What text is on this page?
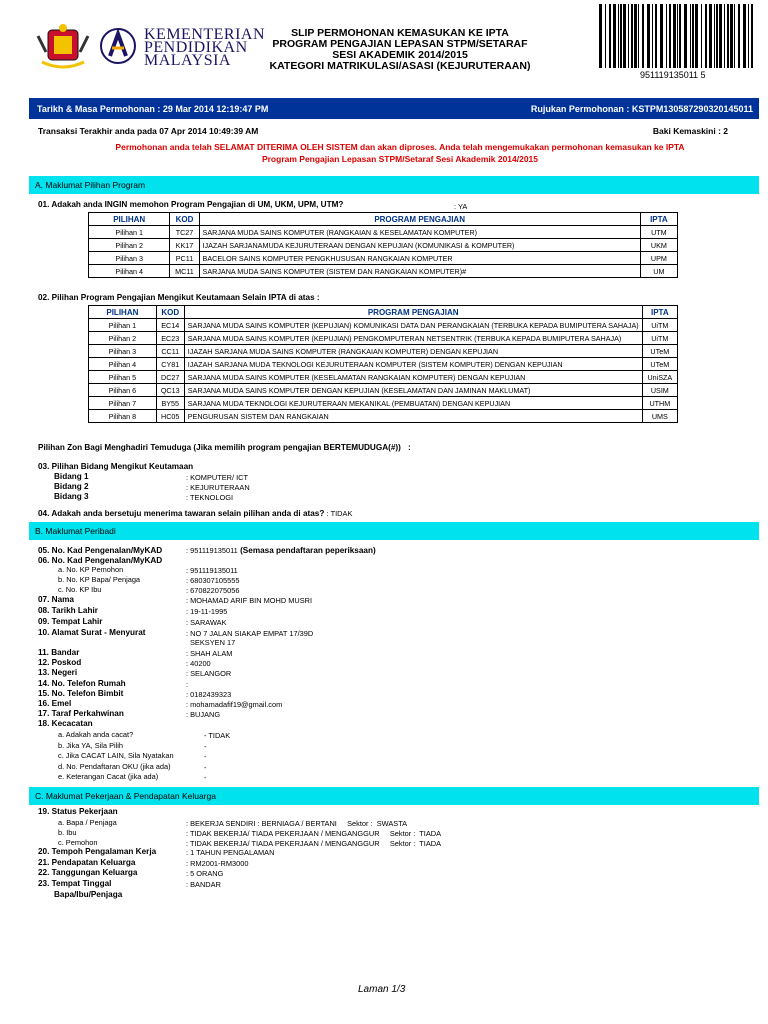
KEMENTERIAN
PENDIDIKAN
MALAYSIA
SLIP PERMOHONAN KEMASUKAN KE IPTA
PROGRAM PENGAJIAN LEPASAN STPM/SETARAF
SESI AKADEMIK 2014/2015
KATEGORI MATRIKULASI/ASASI (KEJURUTERAAN)
951119135011 5
Tarikh & Masa Permohonan : 29 Mar 2014 12:19:47 PM	Rujukan Permohonan : KSTPM130587290320145011
Transaksi Terakhir anda pada 07 Apr 2014 10:49:39 AM	Baki Kemaskini : 2
Permohonan anda telah SELAMAT DITERIMA OLEH SISTEM dan akan diproses. Anda telah mengemukakan permohonan kemasukan ke IPTA
Program Pengajian Lepasan STPM/Setaraf Sesi Akademik 2014/2015
A. Maklumat Pilihan Program
01. Adakah anda INGIN memohon Program Pengajian di UM, UKM, UPM, UTM?	: YA
PILIHAN	KOD	PROGRAM PENGAJIAN	IPTA
Pilihan 1	TC27	SARJANA MUDA SAINS KOMPUTER (RANGKAIAN & KESELAMATAN KOMPUTER)	UTM
Pilihan 2	KK17	IJAZAH SARJANAMUDA KEJURUTERAAN DENGAN KEPUJIAN (KOMUNIKASI & KOMPUTER)	UKM
Pilihan 3	PC11	BACELOR SAINS KOMPUTER PENGKHUSUSAN RANGKAIAN KOMPUTER	UPM
Pilihan 4	MC11	SARJANA MUDA SAINS KOMPUTER (SISTEM DAN RANGKAIAN KOMPUTER)#	UM
02. Pilihan Program Pengajian Mengikut Keutamaan Selain IPTA di atas :
PILIHAN	KOD	PROGRAM PENGAJIAN	IPTA
Pilihan 1	EC14	SARJANA MUDA SAINS KOMPUTER (KEPUJIAN) KOMUNIKASI DATA DAN PERANGKAIAN (TERBUKA KEPADA BUMIPUTERA SAHAJA)	UiTM
Pilihan 2	EC23	SARJANA MUDA SAINS KOMPUTER (KEPUJIAN) PENGKOMPUTERAN NETSENTRIK (TERBUKA KEPADA BUMIPUTERA SAHAJA)	UiTM
Pilihan 3	CC11	IJAZAH SARJANA MUDA SAINS KOMPUTER (RANGKAIAN KOMPUTER) DENGAN KEPUJIAN	UTeM
Pilihan 4	CY81	IJAZAH SARJANA MUDA TEKNOLOGI KEJURUTERAAN KOMPUTER (SISTEM KOMPUTER) DENGAN KEPUJIAN	UTeM
Pilihan 5	DC27	SARJANA MUDA SAINS KOMPUTER (KESELAMATAN RANGKAIAN KOMPUTER) DENGAN KEPUJIAN	UniSZA
Pilihan 6	QC13	SARJANA MUDA SAINS KOMPUTER DENGAN KEPUJIAN (KESELAMATAN DAN JAMINAN MAKLUMAT)	USIM
Pilihan 7	BY55	SARJANA MUDA TEKNOLOGI KEJURUTERAAN MEKANIKAL (PEMBUATAN) DENGAN KEPUJIAN	UTHM
Pilihan 8	HC05	PENGURUSAN SISTEM DAN RANGKAIAN	UMS
Pilihan Zon Bagi Menghadiri Temuduga (Jika memilih program pengajian BERTEMUDUGA(#)) :
03. Pilihan Bidang Mengikut Keutamaan
Bidang 1	: KOMPUTER/ ICT
Bidang 2	: KEJURUTERAAN
Bidang 3	: TEKNOLOGI
04. Adakah anda bersetuju menerima tawaran selain pilihan anda di atas? : TIDAK
B. Maklumat Peribadi
05. No. Kad Pengenalan/MyKAD	: 951119135011 (Semasa pendaftaran peperiksaan)
06. No. Kad Pengenalan/MyKAD
a. No. KP Pemohon	: 951119135011
b. No. KP Bapa/ Penjaga	: 680307105555
c. No. KP Ibu	: 670822075056
07. Nama	: MOHAMAD ARIF BIN MOHD MUSRI
08. Tarikh Lahir	: 19-11-1995
09. Tempat Lahir	: SARAWAK
10. Alamat Surat - Menyurat	: NO 7 JALAN SIAKAP EMPAT 17/39D
SEKSYEN 17
11. Bandar	: SHAH ALAM
12. Poskod	: 40200
13. Negeri	: SELANGOR
14. No. Telefon Rumah	:
15. No. Telefon Bimbit	: 0182439323
16. Emel	: mohamadafif19@gmail.com
17. Taraf Perkahwinan	: BUJANG
18. Kecacatan
a. Adakah anda cacat?	- TIDAK
b. Jika YA, Sila Pilih	-
c. Jika CACAT LAIN, Sila Nyatakan	-
d. No. Pendaftaran OKU (jika ada)	-
e. Keterangan Cacat (jika ada)	-
C. Maklumat Pekerjaan & Pendapatan Keluarga
19. Status Pekerjaan
a. Bapa / Penjaga	: BEKERJA SENDIRI : BERNIAGA / BERTANI     Sektor :  SWASTA
b. Ibu	: TIDAK BEKERJA/ TIADA PEKERJAAN / MENGANGGUR     Sektor :  TIADA
c. Pemohon	: TIDAK BEKERJA/ TIADA PEKERJAAN / MENGANGGUR     Sektor :  TIADA
20. Tempoh Pengalaman Kerja	: 1 TAHUN PENGALAMAN
21. Pendapatan Keluarga	: RM2001-RM3000
22. Tanggungan Keluarga	: 5 ORANG
23. Tempat Tinggal	: BANDAR
Bapa/Ibu/Penjaga
Laman 1/3
